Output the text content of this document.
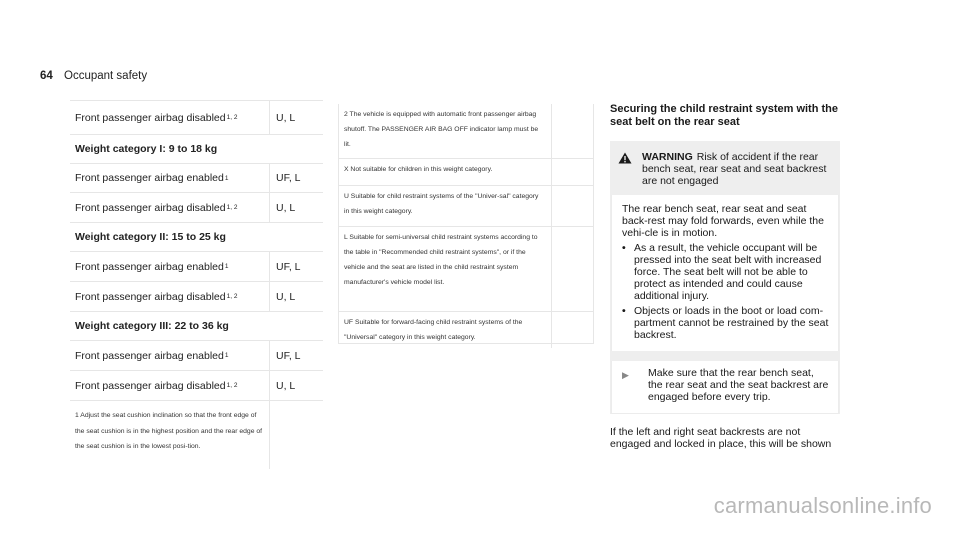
64 Occupant safety
Front passenger airbag disabled 1, 2	U, L
Weight category I: 9 to 18 kg
Front passenger airbag enabled 1	UF, L
Front passenger airbag disabled 1, 2	U, L
Weight category II: 15 to 25 kg
Front passenger airbag enabled 1	UF, L
Front passenger airbag disabled 1, 2	U, L
Weight category III: 22 to 36 kg
Front passenger airbag enabled 1	UF, L
Front passenger airbag disabled 1, 2	U, L
1 Adjust the seat cushion inclination so that the front edge of the seat cushion is in the highest position and the rear edge of the seat cushion is in the lowest posi-tion.
2 The vehicle is equipped with automatic front passenger airbag shutoff. The PASSENGER AIR BAG OFF indicator lamp must be lit.
X Not suitable for children in this weight category.
U Suitable for child restraint systems of the "Univer-sal" category in this weight category.
L Suitable for semi-universal child restraint systems according to the table in "Recommended child restraint systems", or if the vehicle and the seat are listed in the child restraint system manufacturer's vehicle model list.
UF Suitable for forward-facing child restraint systems of the "Universal" category in this weight category.
Securing the child restraint system with the seat belt on the rear seat
WARNING Risk of accident if the rear bench seat, rear seat and seat backrest are not engaged
The rear bench seat, rear seat and seat back-rest may fold forwards, even while the vehi-cle is in motion.
• As a result, the vehicle occupant will be pressed into the seat belt with increased force. The seat belt will not be able to protect as intended and could cause additional injury.
• Objects or loads in the boot or load com-partment cannot be restrained by the seat backrest.
▶	Make sure that the rear bench seat, the rear seat and the seat backrest are engaged before every trip.
If the left and right seat backrests are not engaged and locked in place, this will be shown
carmanualsonline.info
